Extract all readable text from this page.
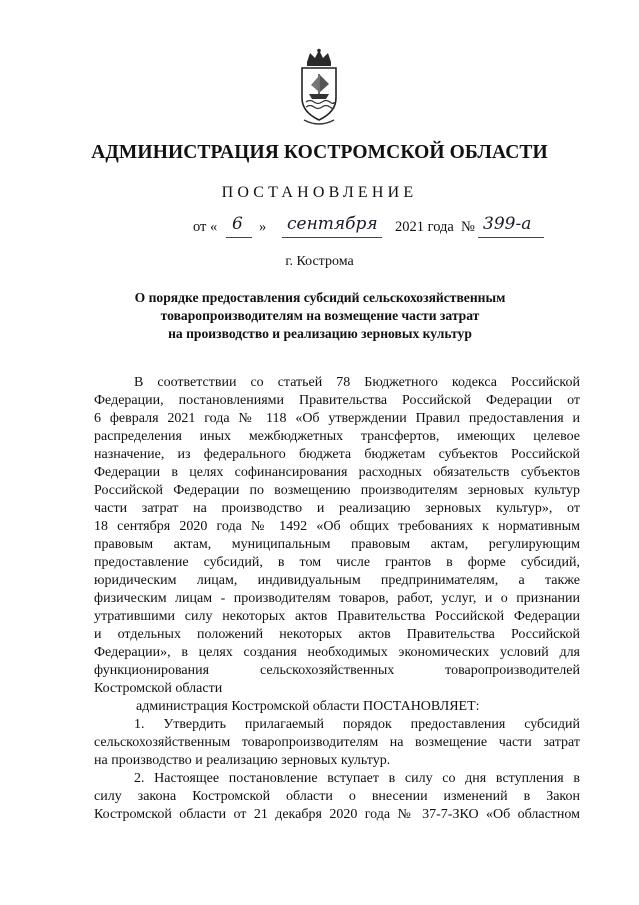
АДМИНИСТРАЦИЯ КОСТРОМСКОЙ ОБЛАСТИ
ПОСТАНОВЛЕНИЕ
от « 6 » сентября 2021 года № 399-а
г. Кострома
О порядке предоставления субсидий сельскохозяйственным
товаропроизводителям на возмещение части затрат
на производство и реализацию зерновых культур
В соответствии со статьей 78 Бюджетного кодекса Российской
Федерации, постановлениями Правительства Российской Федерации от
6 февраля 2021 года № 118 «Об утверждении Правил предоставления и
распределения иных межбюджетных трансфертов, имеющих целевое
назначение, из федерального бюджета бюджетам субъектов Российской
Федерации в целях софинансирования расходных обязательств субъектов
Российской Федерации по возмещению производителям зерновых культур
части затрат на производство и реализацию зерновых культур», от
18 сентября 2020 года № 1492 «Об общих требованиях к нормативным
правовым актам, муниципальным правовым актам, регулирующим
предоставление субсидий, в том числе грантов в форме субсидий,
юридическим лицам, индивидуальным предпринимателям, а также
физическим лицам - производителям товаров, работ, услуг, и о признании
утратившими силу некоторых актов Правительства Российской Федерации
и отдельных положений некоторых актов Правительства Российской
Федерации», в целях создания необходимых экономических условий для
функционирования сельскохозяйственных товаропроизводителей
Костромской области
администрация Костромской области ПОСТАНОВЛЯЕТ:
1. Утвердить прилагаемый порядок предоставления субсидий
сельскохозяйственным товаропроизводителям на возмещение части затрат
на производство и реализацию зерновых культур.
2. Настоящее постановление вступает в силу со дня вступления в
силу закона Костромской области о внесении изменений в Закон
Костромской области от 21 декабря 2020 года № 37-7-ЗКО «Об областном
